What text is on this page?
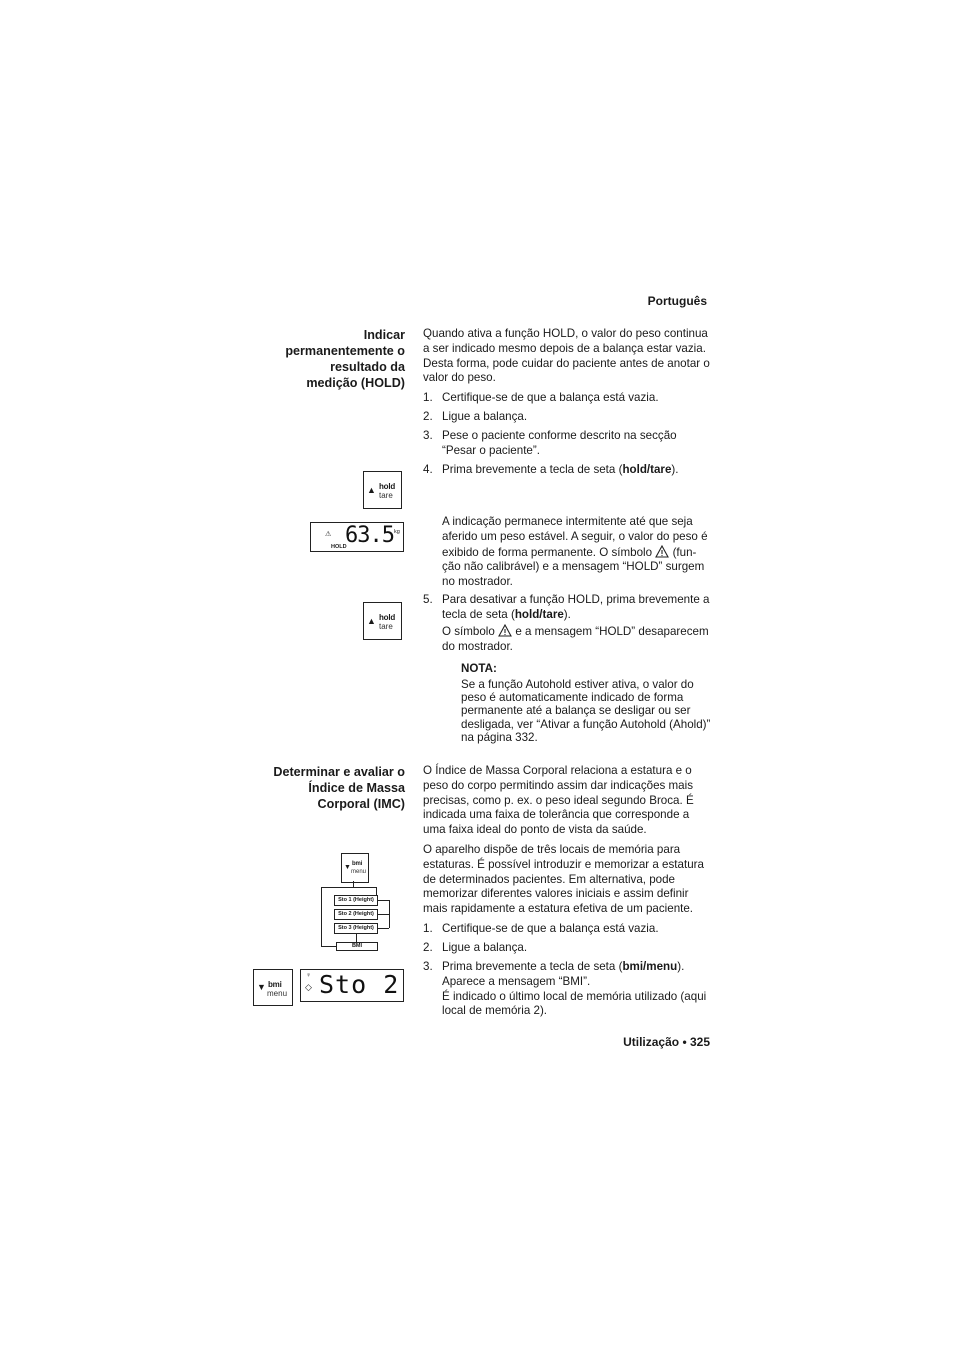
Português
Indicar
permanentemente o
resultado da
medição (HOLD)
Quando ativa a função HOLD, o valor do peso continua a ser indicado mesmo depois de a balança estar vazia. Desta forma, pode cuidar do paciente antes de anotar o valor do peso.
1. Certifique-se de que a balança está vazia.
2. Ligue a balança.
3. Pese o paciente conforme descrito na secção “Pesar o paciente”.
4. Prima brevemente a tecla de seta (hold/tare).
▲ hold
tare
⚠ 63.5 kg
HOLD
A indicação permanece intermitente até que seja aferido um peso estável. A seguir, o valor do peso é exibido de forma permanente. O símbolo (fun- ção não calibrável) e a mensagem “HOLD” surgem no mostrador.
▲ hold
tare
5. Para desativar a função HOLD, prima brevemente a tecla de seta (hold/tare).
O símbolo e a mensagem “HOLD” desaparecem do mostrador.
NOTA:
Se a função Autohold estiver ativa, o valor do peso é automaticamente indicado de forma permanente até a balança se desligar ou ser desligada, ver “Ativar a função Autohold (Ahold)” na página 332.
Determinar e avaliar o
Índice de Massa
Corporal (IMC)
O Índice de Massa Corporal relaciona a estatura e o peso do corpo permitindo assim dar indicações mais precisas, como p. ex. o peso ideal segundo Broca. É indicada uma faixa de tolerância que corresponde a uma faixa ideal do ponto de vista da saúde.
O aparelho dispõe de três locais de memória para estaturas. É possível introduzir e memorizar a estatura de determinados pacientes. Em alternativa, pode memorizar diferentes valores iniciais e assim definir mais rapidamente a estatura efetiva de um paciente.
1. Certifique-se de que a balança está vazia.
2. Ligue a balança.
3. Prima brevemente a tecla de seta (bmi/menu).
Aparece a mensagem “BMI”.
É indicado o último local de memória utilizado (aqui local de memória 2).
▼ bmi
menu
Sto 1 (Height)
Sto 2 (Height)
Sto 3 (Height)
BMI
▼ bmi
menu
♀
◇ Sto 2
Utilização • 325
